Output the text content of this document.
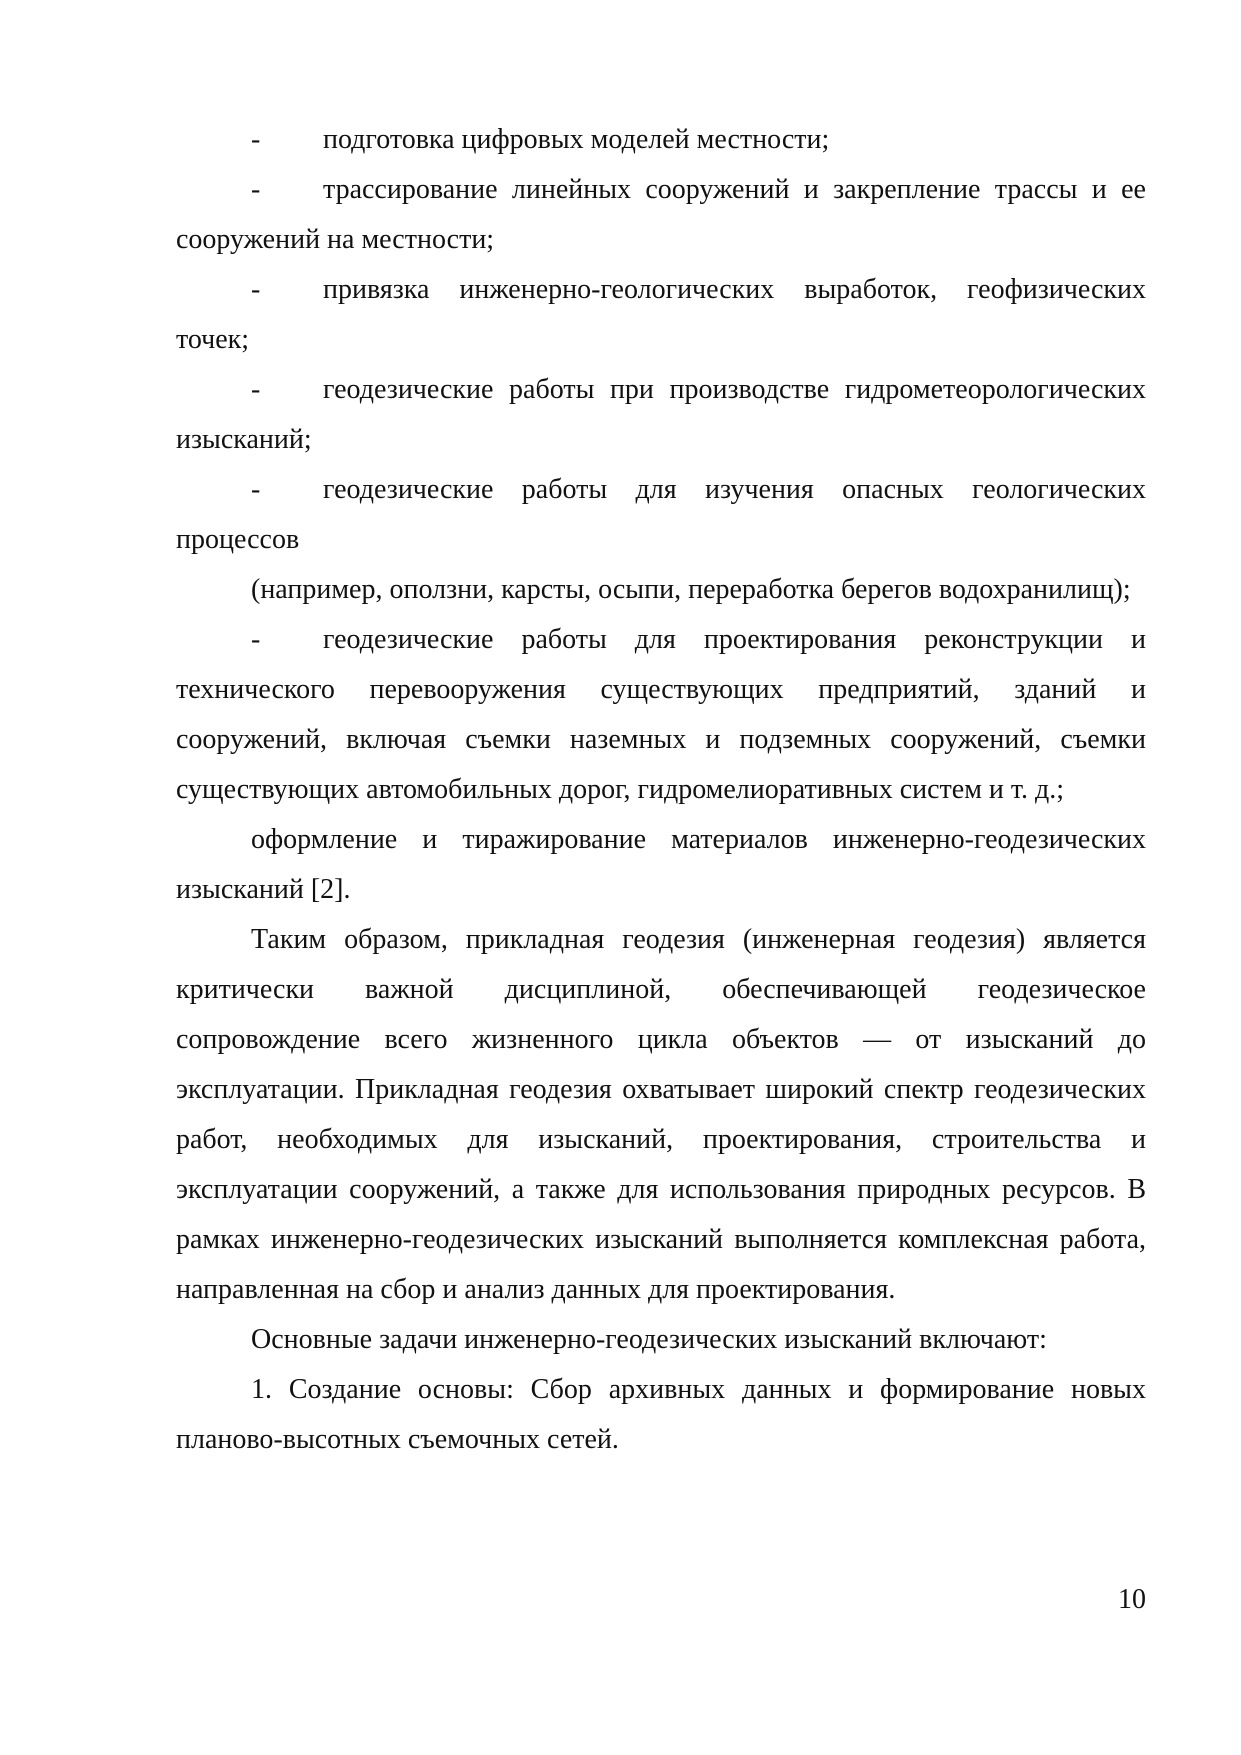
- подготовка цифровых моделей местности;

- трассирование линейных сооружений и закрепление трассы и ее сооружений на местности;

- привязка инженерно-геологических выработок, геофизических точек;

- геодезические работы при производстве гидрометеорологических изысканий;

- геодезические работы для изучения опасных геологических процессов

(например, оползни, карсты, осыпи, переработка берегов водохранилищ);

- геодезические работы для проектирования реконструкции и технического перевооружения существующих предприятий, зданий и сооружений, включая съемки наземных и подземных сооружений, съемки существующих автомобильных дорог, гидромелиоративных систем и т. д.;

оформление и тиражирование материалов инженерно-геодезических изысканий [2].

Таким образом, прикладная геодезия (инженерная геодезия) является критически важной дисциплиной, обеспечивающей геодезическое сопровождение всего жизненного цикла объектов — от изысканий до эксплуатации. Прикладная геодезия охватывает широкий спектр геодезических работ, необходимых для изысканий, проектирования, строительства и эксплуатации сооружений, а также для использования природных ресурсов. В рамках инженерно-геодезических изысканий выполняется комплексная работа, направленная на сбор и анализ данных для проектирования.

Основные задачи инженерно-геодезических изысканий включают:

1. Создание основы: Сбор архивных данных и формирование новых планово-высотных съемочных сетей.

10
